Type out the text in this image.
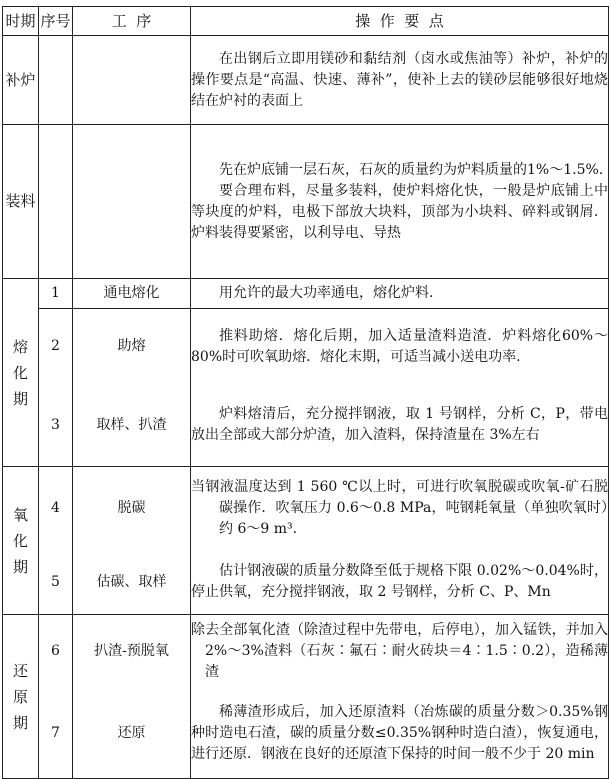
时期	序号	工  序	操  作  要  点
补炉			在出钢后立即用镁砂和黏结剂（卤水或焦油等）补炉，补炉的操作要点是“高温、快速、薄补”，使补上去的镁砂层能够很好地烧结在炉衬的表面上

装料			先在炉底铺一层石灰，石灰的质量约为炉料质量的1%～1.5%.

要合理布料，尽量多装料，使炉料熔化快，一般是炉底铺上中等块度的炉料，电极下部放大块料，顶部为小块料、碎料或钢屑．炉料装得要紧密，以利导电、导热

熔
化
期	1	通电熔化	用允许的最大功率通电，熔化炉料.

	2	助熔	推料助熔．熔化后期，加入适量渣料造渣．炉料熔化60%～80%时可吹氧助熔．熔化末期，可适当减小送电功率.

	3	取样、扒渣	炉料熔清后，充分搅拌钢液，取 1 号钢样，分析 C，P，带电放出全部或大部分炉渣，加入渣料，保持渣量在 3%左右

氧
化
期	4	脱碳	当钢液温度达到 1 560 ℃以上时，可进行吹氧脱碳或吹氧-矿石脱碳操作．吹氧压力 0.6～0.8 MPa，吨钢耗氧量（单独吹氧时）约 6～9 m³.

	5	估碳、取样	估计钢液碳的质量分数降至低于规格下限 0.02%～0.04%时，停止供氧，充分搅拌钢液，取 2 号钢样，分析 C、P、Mn

还
原
期	6	扒渣-预脱氧	除去全部氧化渣（除渣过程中先带电，后停电），加入锰铁，并加入 2%～3%渣料（石灰∶氟石∶耐火砖块＝4∶1.5∶0.2），造稀薄渣

	7	还原	稀薄渣形成后，加入还原渣料（冶炼碳的质量分数＞0.35%钢种时造电石渣，碳的质量分数≤0.35%钢种时造白渣），恢复通电，进行还原．钢液在良好的还原渣下保持的时间一般不少于 20 min
